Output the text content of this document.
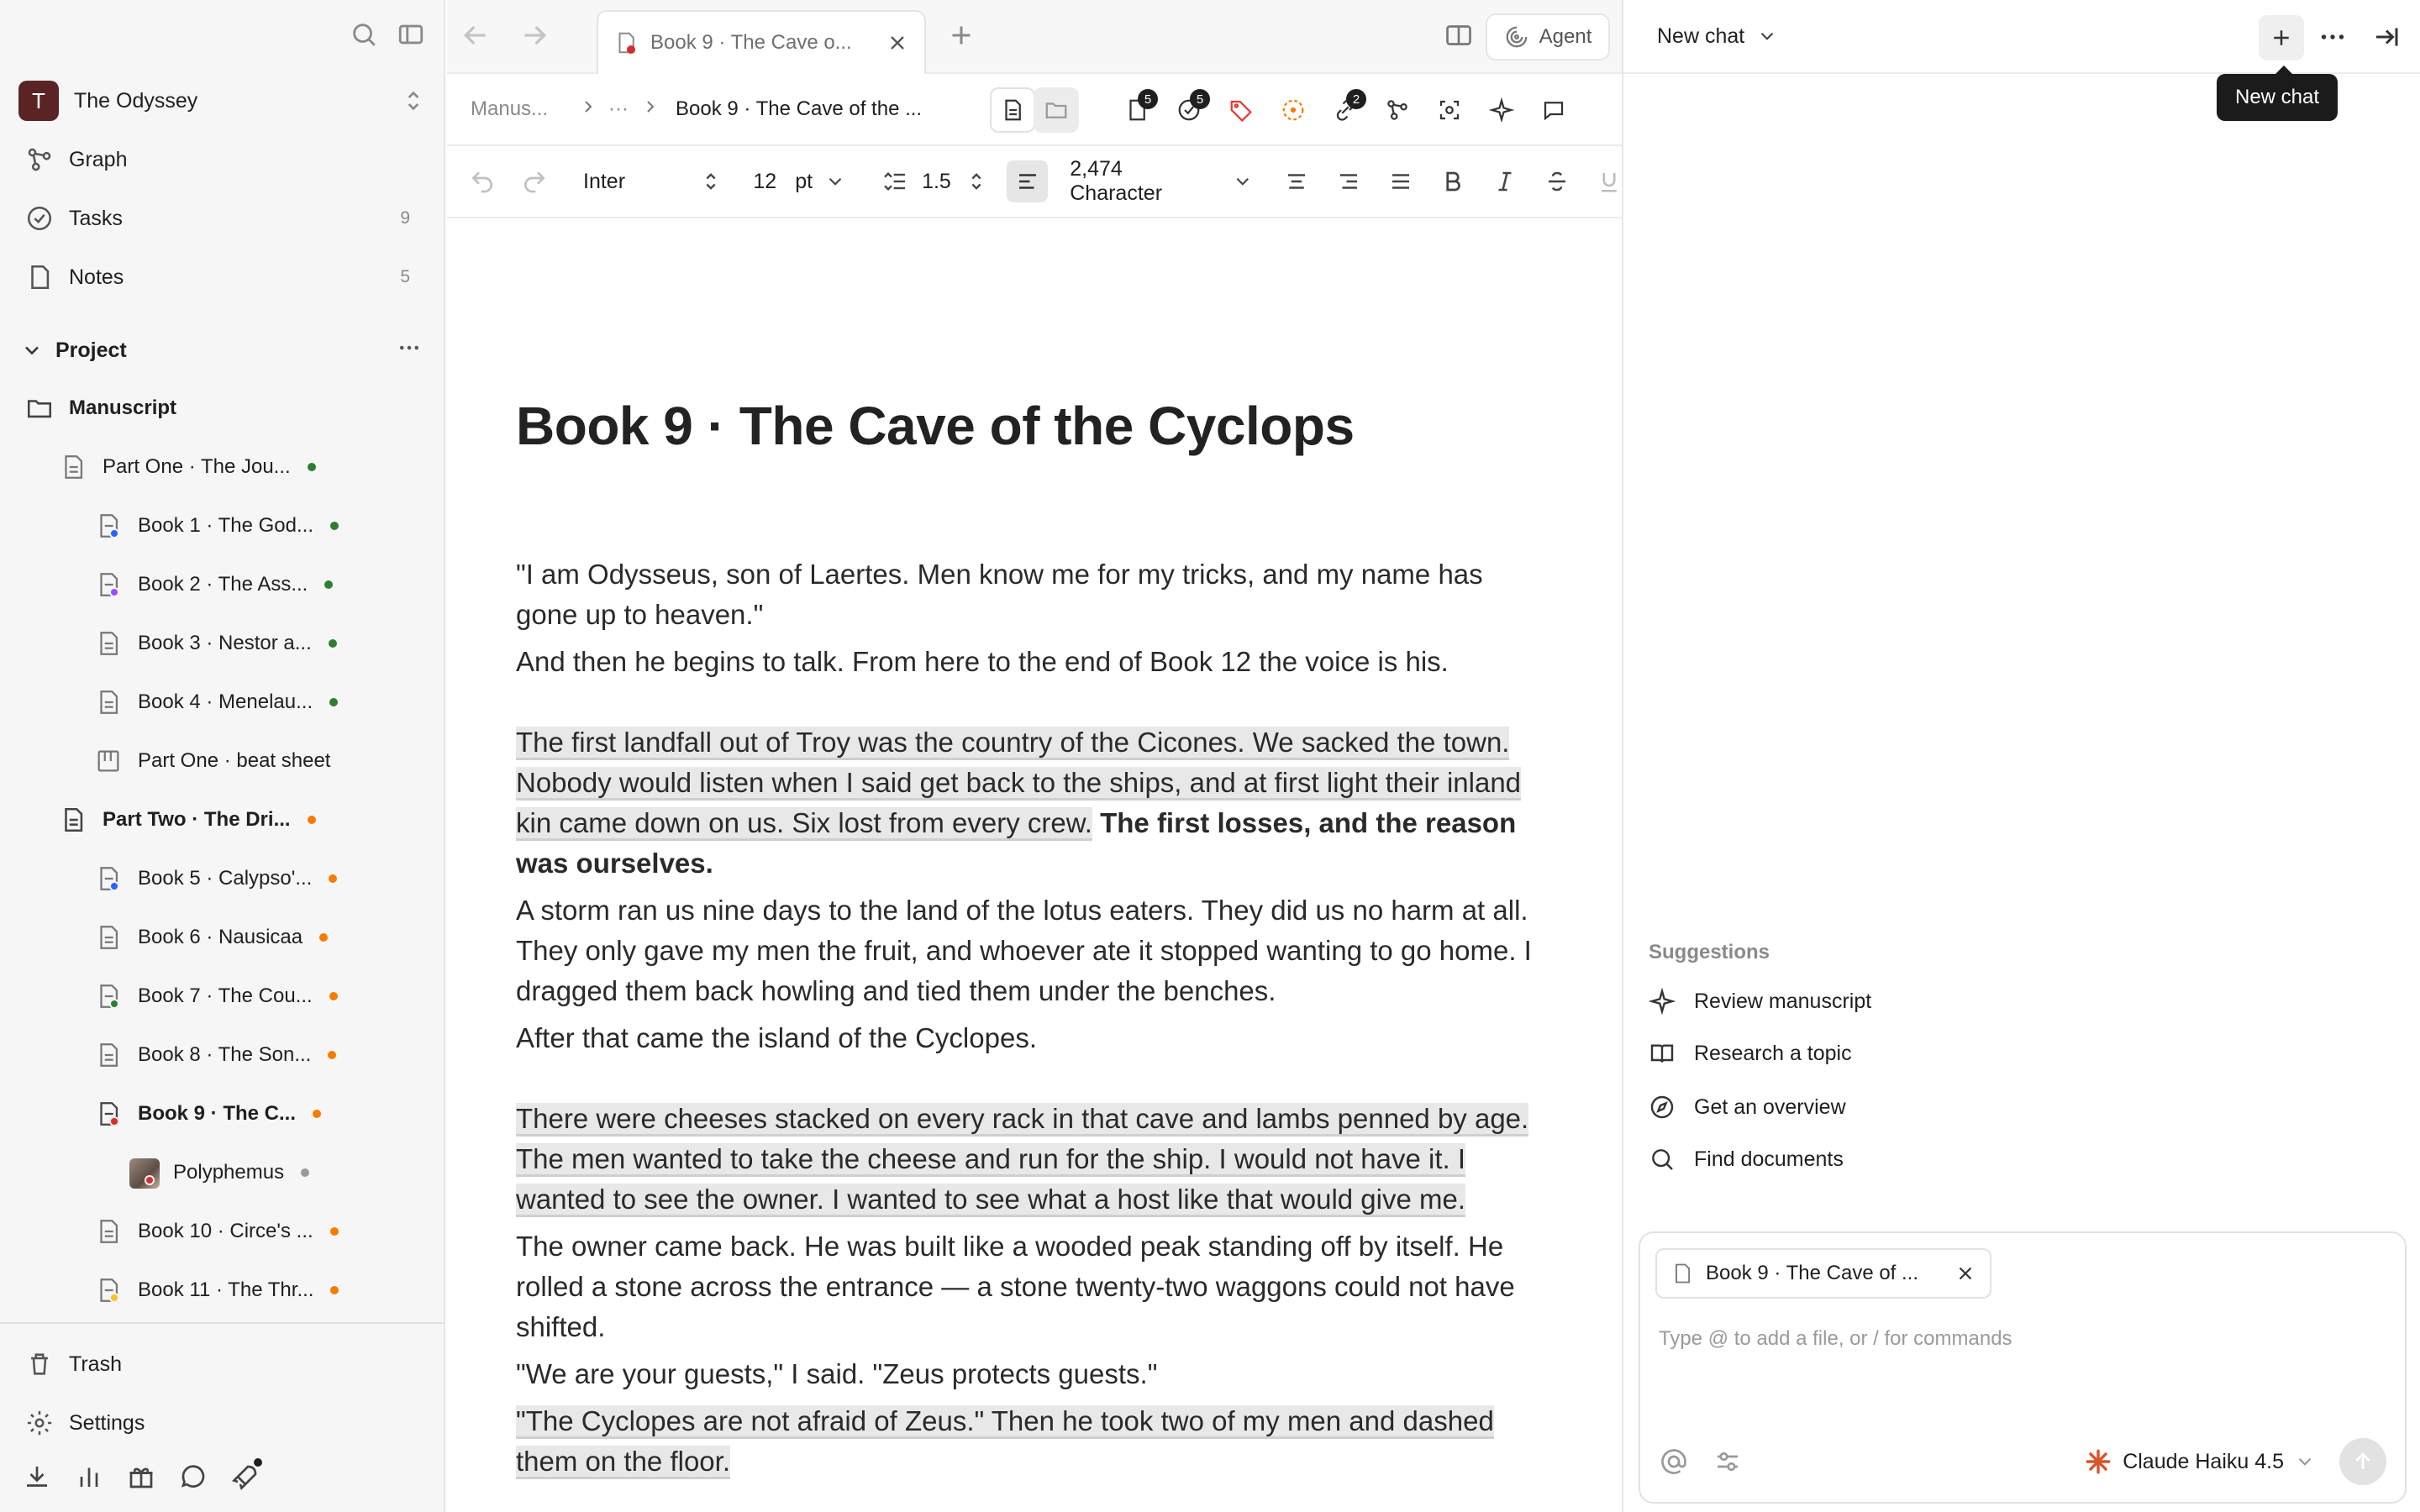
T	The Odyssey
Graph
Tasks	9
Notes	5
Project
Manuscript
Part One · The Jou...
Book 1 · The God...
Book 2 · The Ass...
Book 3 · Nestor a...
Book 4 · Menelau...
Part One · beat sheet
Part Two · The Dri...
Book 5 · Calypso'...
Book 6 · Nausicaa
Book 7 · The Cou...
Book 8 · The Son...
Book 9 · The C...
Polyphemus
Book 10 · Circe's ...
Book 11 · The Thr...
Trash
Settings
Book 9 · The Cave o...	Agent
Manus...	··· Book 9 · The Cave of the ...	5	5	2
Inter	12 pt	1.5
2,474 Character
Book 9 · The Cave of the Cyclops

"I am Odysseus, son of Laertes. Men know me for my tricks, and my name has gone up to heaven."

And then he begins to talk. From here to the end of Book 12 the voice is his.

The first landfall out of Troy was the country of the Cicones. We sacked the town. Nobody would listen when I said get back to the ships, and at first light their inland kin came down on us. Six lost from every crew. The first losses, and the reason was ourselves.

A storm ran us nine days to the land of the lotus eaters. They did us no harm at all. They only gave my men the fruit, and whoever ate it stopped wanting to go home. I dragged them back howling and tied them under the benches.

After that came the island of the Cyclopes.

There were cheeses stacked on every rack in that cave and lambs penned by age. The men wanted to take the cheese and run for the ship. I would not have it. I wanted to see the owner. I wanted to see what a host like that would give me.

The owner came back. He was built like a wooded peak standing off by itself. He rolled a stone across the entrance — a stone twenty-two waggons could not have shifted.

"We are your guests," I said. "Zeus protects guests."

"The Cyclopes are not afraid of Zeus." Then he took two of my men and dashed them on the floor.

New chat
New chat
Suggestions
Review manuscript
Research a topic
Get an overview
Find documents
Book 9 · The Cave of ...
Type @ to add a file, or / for commands
Claude Haiku 4.5
